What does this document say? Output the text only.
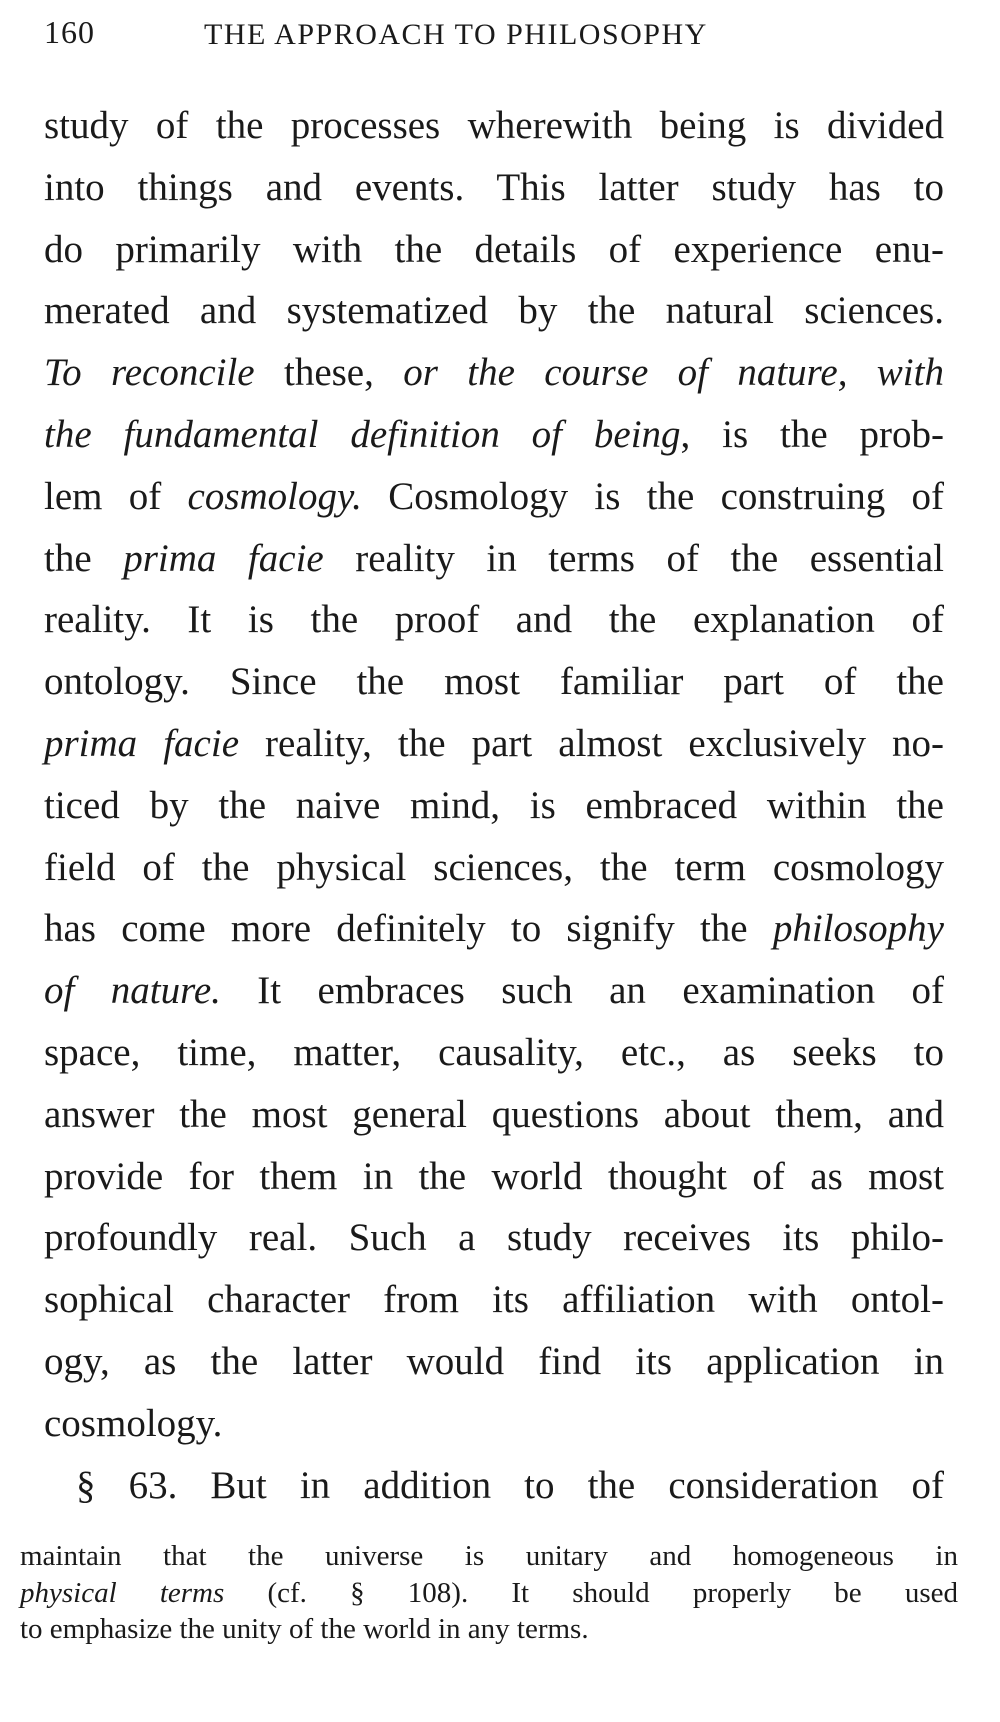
160	THE APPROACH TO PHILOSOPHY
study of the processes wherewith being is divided
into things and events. This latter study has to
do primarily with the details of experience enu-
merated and systematized by the natural sciences.
To reconcile these, or the course of nature, with
the fundamental definition of being, is the prob-
lem of cosmology. Cosmology is the construing of
the prima facie reality in terms of the essential
reality. It is the proof and the explanation of
ontology. Since the most familiar part of the
prima facie reality, the part almost exclusively no-
ticed by the naive mind, is embraced within the
field of the physical sciences, the term cosmology
has come more definitely to signify the philosophy
of nature. It embraces such an examination of
space, time, matter, causality, etc., as seeks to
answer the most general questions about them, and
provide for them in the world thought of as most
profoundly real. Such a study receives its philo-
sophical character from its affiliation with ontol-
ogy, as the latter would find its application in
cosmology.
§ 63. But in addition to the consideration of
maintain that the universe is unitary and homogeneous in
physical terms (cf. § 108). It should properly be used
to emphasize the unity of the world in any terms.
